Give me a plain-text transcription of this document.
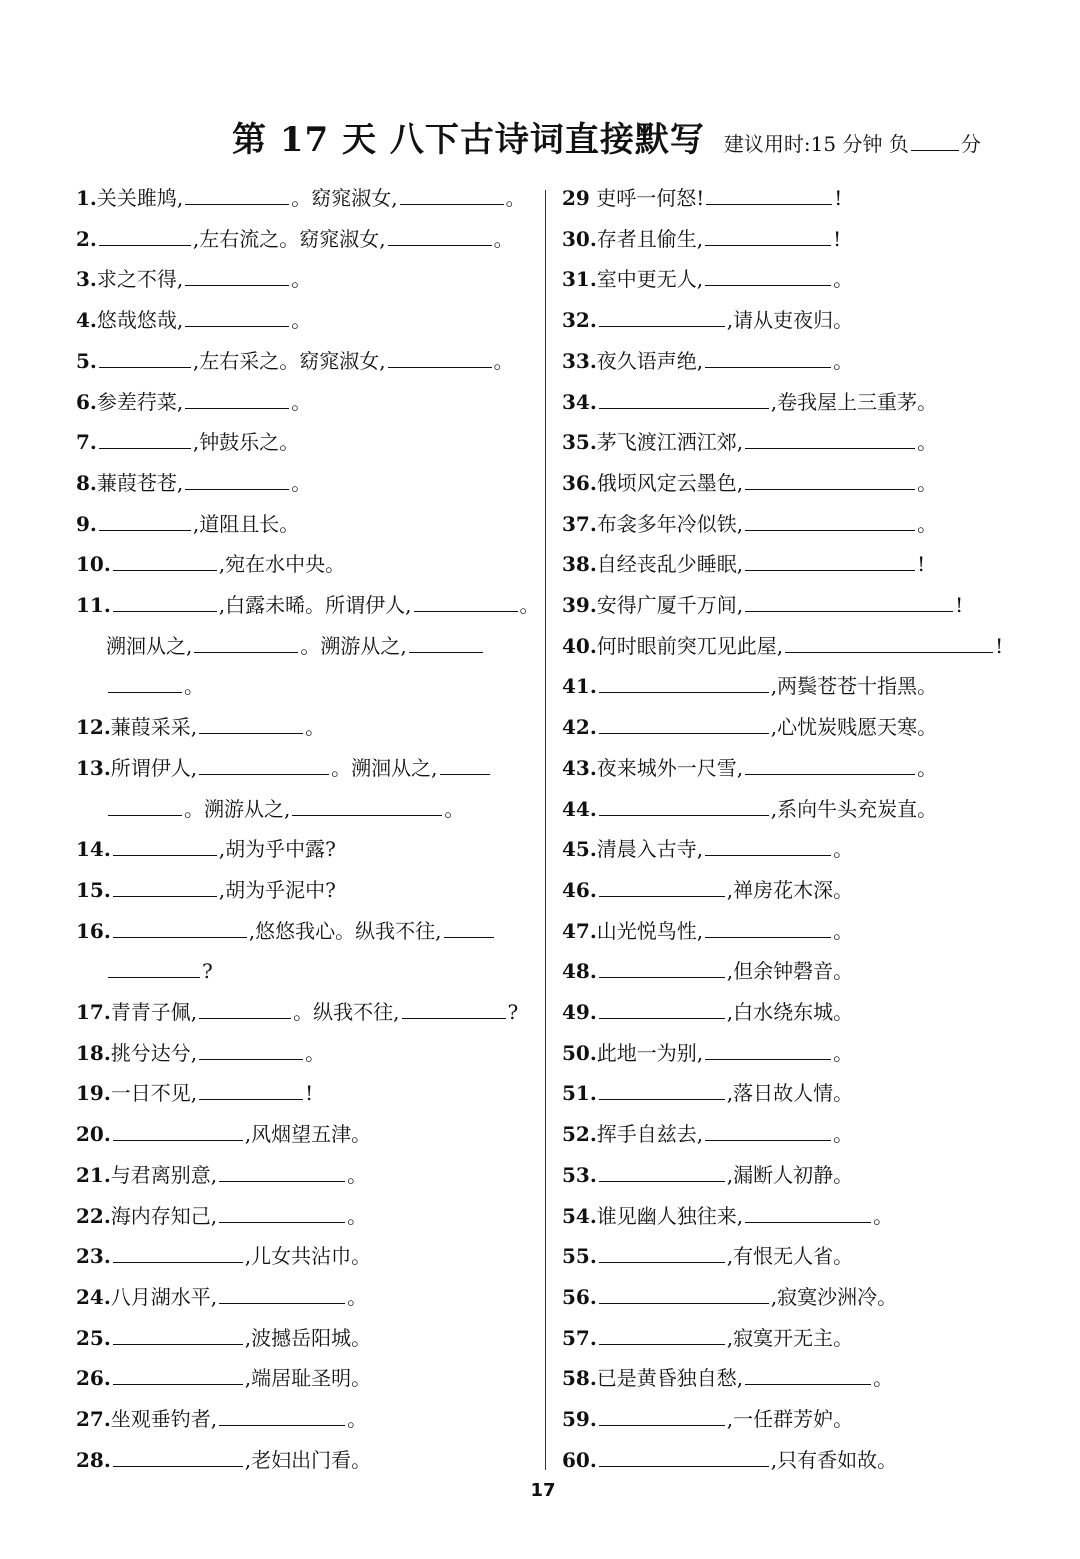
第 17 天 八下古诗词直接默写 建议用时:15 分钟 负	分
1.关关雎鸠,	。窈窕淑女,	。
2.	,左右流之。窈窕淑女,	。
3.求之不得,	。
4.悠哉悠哉,	。
5.	,左右采之。窈窕淑女,	。
6.参差荇菜,	。
7.	,钟鼓乐之。
8.蒹葭苍苍,	。
9.	,道阻且长。
10.	,宛在水中央。
11.	,白露未晞。所谓伊人,	。
溯洄从之,	。溯游从之,
。
12.蒹葭采采,	。
13.所谓伊人,	。溯洄从之,
。溯游从之,	。
14.	,胡为乎中露?
15.	,胡为乎泥中?
16.	,悠悠我心。纵我不往,
?
17.青青子佩,	。纵我不往,	?
18.挑兮达兮,	。
19.一日不见,	!
20.	,风烟望五津。
21.与君离别意,	。
22.海内存知己,	。
23.	,儿女共沾巾。
24.八月湖水平,	。
25.	,波撼岳阳城。
26.	,端居耻圣明。
27.坐观垂钓者,	。
28.	,老妇出门看。
29 吏呼一何怒!	!
30.存者且偷生,	!
31.室中更无人,	。
32.	,请从吏夜归。
33.夜久语声绝,	。
34.	,卷我屋上三重茅。
35.茅飞渡江洒江郊,	。
36.俄顷风定云墨色,	。
37.布衾多年冷似铁,	。
38.自经丧乱少睡眠,	!
39.安得广厦千万间,	!
40.何时眼前突兀见此屋,	!
41.	,两鬓苍苍十指黑。
42.	,心忧炭贱愿天寒。
43.夜来城外一尺雪,	。
44.	,系向牛头充炭直。
45.清晨入古寺,	。
46.	,禅房花木深。
47.山光悦鸟性,	。
48.	,但余钟磬音。
49.	,白水绕东城。
50.此地一为别,	。
51.	,落日故人情。
52.挥手自兹去,	。
53.	,漏断人初静。
54.谁见幽人独往来,	。
55.	,有恨无人省。
56.	,寂寞沙洲冷。
57.	,寂寞开无主。
58.已是黄昏独自愁,	。
59.	,一任群芳妒。
60.	,只有香如故。
17
